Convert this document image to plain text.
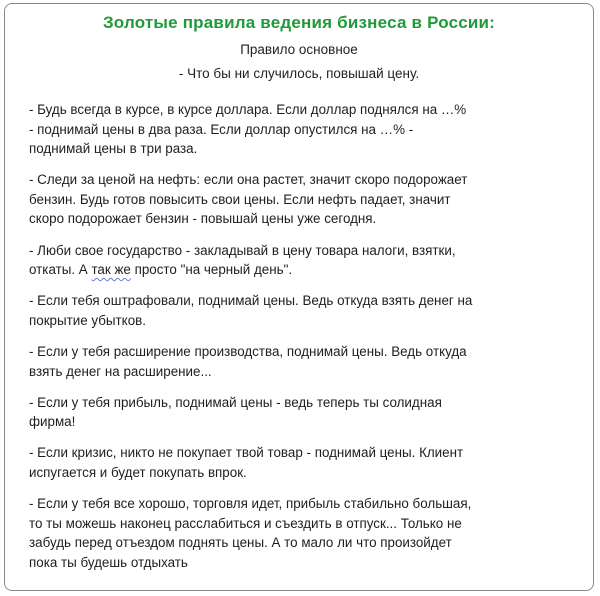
Золотые правила ведения бизнеса в России:
Правило основное
- Что бы ни случилось, повышай цену.
- Будь всегда в курсе, в курсе доллара. Если доллар поднялся на …%
- поднимай цены в два раза. Если доллар опустился на …% -
поднимай цены в три раза.
- Следи за ценой на нефть: если она растет, значит скоро подорожает
бензин. Будь готов повысить свои цены. Если нефть падает, значит
скоро подорожает бензин - повышай цены уже сегодня.
- Люби свое государство - закладывай в цену товара налоги, взятки,
откаты. А так же просто "на черный день".
- Если тебя оштрафовали, поднимай цены. Ведь откуда взять денег на
покрытие убытков.
- Если у тебя расширение производства, поднимай цены. Ведь откуда
взять денег на расширение...
- Если у тебя прибыль, поднимай цены - ведь теперь ты солидная
фирма!
- Если кризис, никто не покупает твой товар - поднимай цены. Клиент
испугается и будет покупать впрок.
- Если у тебя все хорошо, торговля идет, прибыль стабильно большая,
то ты можешь наконец расслабиться и съездить в отпуск... Только не
забудь перед отъездом поднять цены. А то мало ли что произойдет
пока ты будешь отдыхать
